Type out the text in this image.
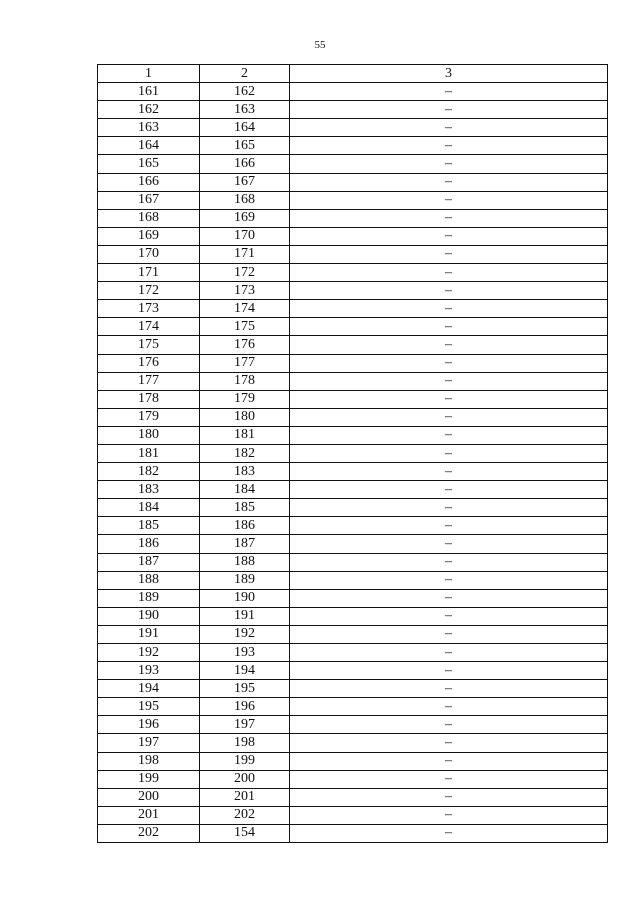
55
1	2	3
161	162	–
162	163	–
163	164	–
164	165	–
165	166	–
166	167	–
167	168	–
168	169	–
169	170	–
170	171	–
171	172	–
172	173	–
173	174	–
174	175	–
175	176	–
176	177	–
177	178	–
178	179	–
179	180	–
180	181	–
181	182	–
182	183	–
183	184	–
184	185	–
185	186	–
186	187	–
187	188	–
188	189	–
189	190	–
190	191	–
191	192	–
192	193	–
193	194	–
194	195	–
195	196	–
196	197	–
197	198	–
198	199	–
199	200	–
200	201	–
201	202	–
202	154	–
